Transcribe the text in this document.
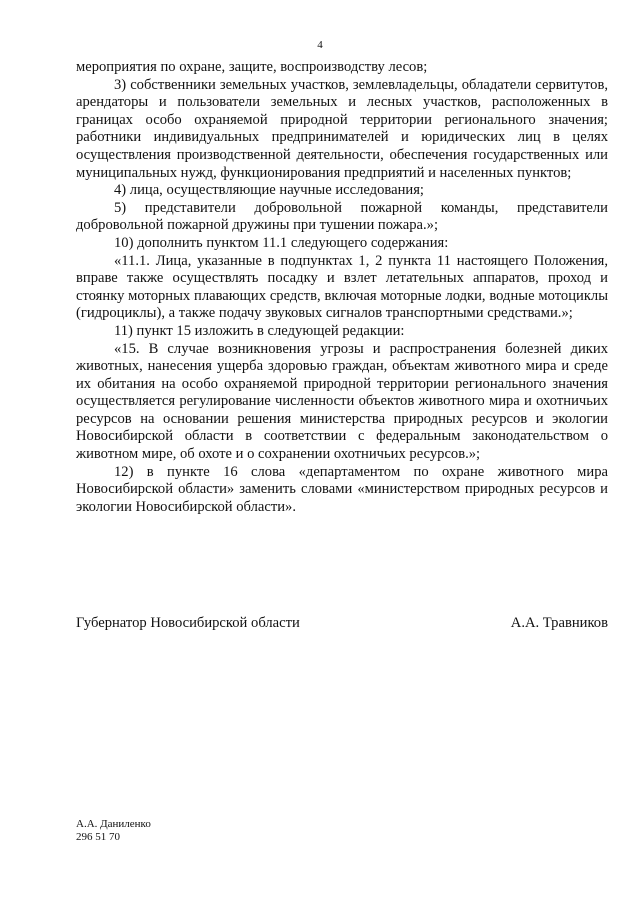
4

мероприятия по охране, защите, воспроизводству лесов;

3) собственники земельных участков, землевладельцы, обладатели сервитутов, арендаторы и пользователи земельных и лесных участков, расположенных в границах особо охраняемой природной территории регионального значения; работники индивидуальных предпринимателей и юридических лиц в целях осуществления производственной деятельности, обеспечения государственных или муниципальных нужд, функционирования предприятий и населенных пунктов;

4) лица, осуществляющие научные исследования;

5) представители добровольной пожарной команды, представители добровольной пожарной дружины при тушении пожара.»;

10) дополнить пунктом 11.1 следующего содержания:

«11.1. Лица, указанные в подпунктах 1, 2 пункта 11 настоящего Положения, вправе также осуществлять посадку и взлет летательных аппаратов, проход и стоянку моторных плавающих средств, включая моторные лодки, водные мотоциклы (гидроциклы), а также подачу звуковых сигналов транспортными средствами.»;

11) пункт 15 изложить в следующей редакции:

«15. В случае возникновения угрозы и распространения болезней диких животных, нанесения ущерба здоровью граждан, объектам животного мира и среде их обитания на особо охраняемой природной территории регионального значения осуществляется регулирование численности объектов животного мира и охотничьих ресурсов на основании решения министерства природных ресурсов и экологии Новосибирской области в соответствии с федеральным законодательством о животном мире, об охоте и о сохранении охотничьих ресурсов.»;

12) в пункте 16 слова «департаментом по охране животного мира Новосибирской области» заменить словами «министерством природных ресурсов и экологии Новосибирской области».

Губернатор Новосибирской области	А.А. Травников
А.А. Даниленко
296 51 70
